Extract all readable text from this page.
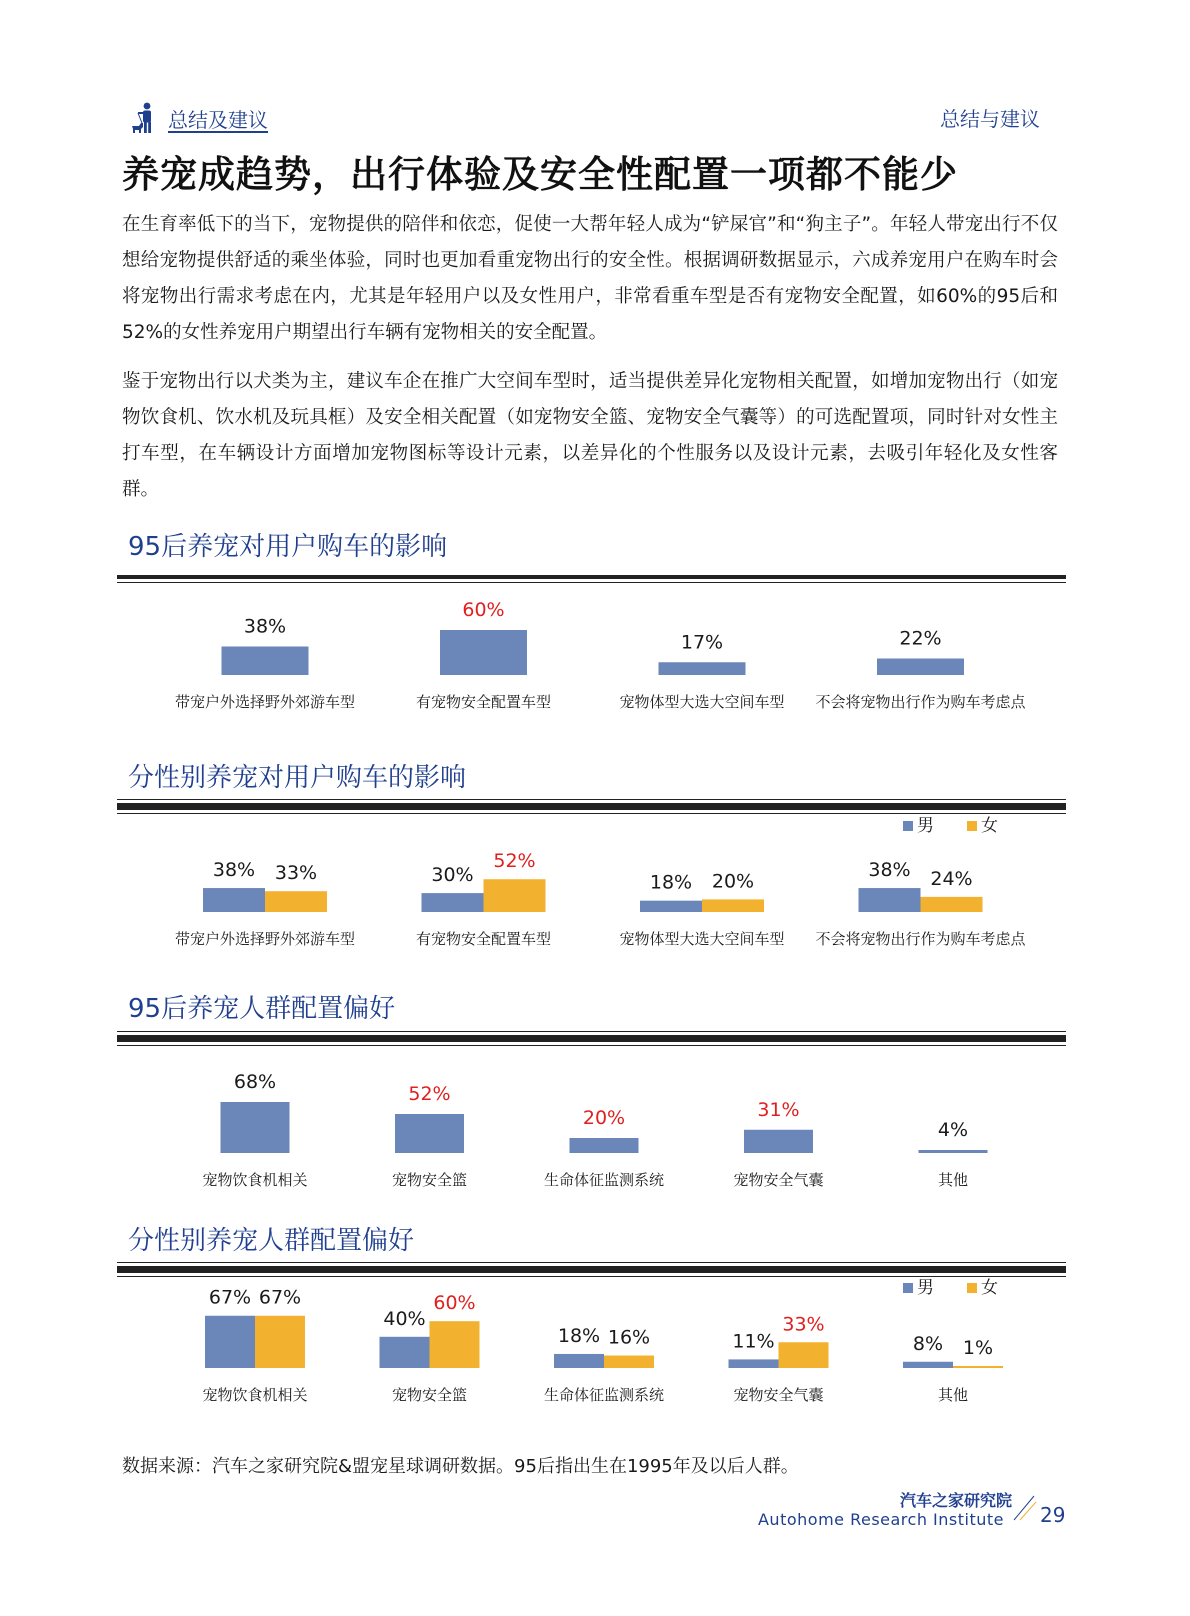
总结及建议	总结与建议
养宠成趋势，出行体验及安全性配置一项都不能少
在生育率低下的当下，宠物提供的陪伴和依恋，促使一大帮年轻人成为“铲屎官”和“狗主子”。年轻人带宠出行不仅想给宠物提供舒适的乘坐体验，同时也更加看重宠物出行的安全性。根据调研数据显示，六成养宠用户在购车时会将宠物出行需求考虑在内，尤其是年轻用户以及女性用户，非常看重车型是否有宠物安全配置，如60%的95后和52%的女性养宠用户期望出行车辆有宠物相关的安全配置。
鉴于宠物出行以犬类为主，建议车企在推广大空间车型时，适当提供差异化宠物相关配置，如增加宠物出行（如宠物饮食机、饮水机及玩具框）及安全相关配置（如宠物安全篮、宠物安全气囊等）的可选配置项，同时针对女性主打车型，在车辆设计方面增加宠物图标等设计元素，以差异化的个性服务以及设计元素，去吸引年轻化及女性客群。
95后养宠对用户购车的影响
带宠户外选择野外郊游车型	有宠物安全配置车型	宠物体型大选大空间车型 不会将宠物出行作为购车考虑点
38%
60%
17%	22%
分性别养宠对用户购车的影响
带宠户外选择野外郊游车型	有宠物安全配置车型	宠物体型大选大空间车型 不会将宠物出行作为购车考虑点
38%	30%	18%
38%
33%
52%
20%	24%
男	女
95后养宠人群配置偏好
宠物饮食机相关	宠物安全篮	生命体征监测系统	宠物安全气囊	其他
68%
52%
20%	31%
4%
分性别养宠人群配置偏好
宠物饮食机相关	宠物安全篮	生命体征监测系统	宠物安全气囊	其他
67%
40%
18%	11%	8%
67%	60%
16%
33%
1%
男	女
数据来源：汽车之家研究院&盟宠星球调研数据。95后指出生在1995年及以后人群。
汽车之家研究院
Autohome Research Institute 29
